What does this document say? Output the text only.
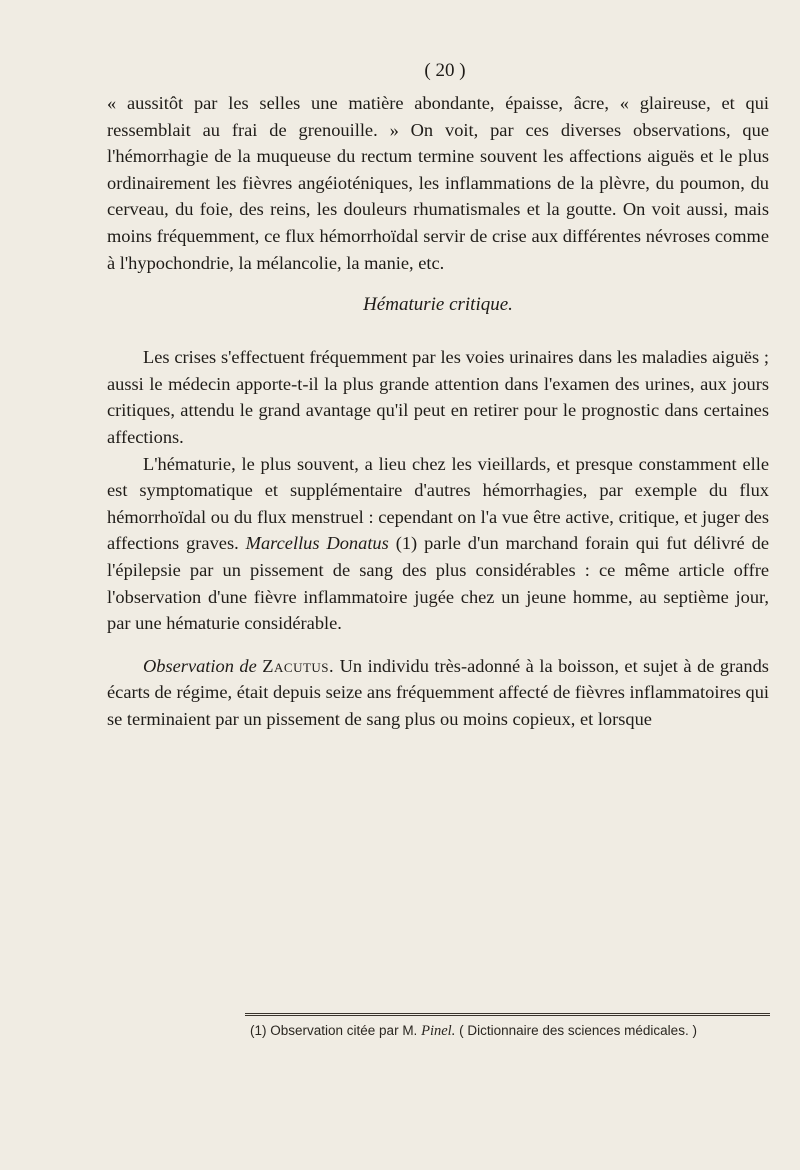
( 20 )

« aussitôt par les selles une matière abondante, épaisse, âcre, « glaireuse, et qui ressemblait au frai de grenouille. » On voit, par ces diverses observations, que l'hémorrhagie de la muqueuse du rectum termine souvent les affections aiguës et le plus ordinairement les fièvres angéioténiques, les inflammations de la plèvre, du poumon, du cerveau, du foie, des reins, les douleurs rhumatismales et la goutte. On voit aussi, mais moins fréquemment, ce flux hémorrhoïdal servir de crise aux différentes névroses comme à l'hypochondrie, la mélancolie, la manie, etc.

Hématurie critique.

Les crises s'effectuent fréquemment par les voies urinaires dans les maladies aiguës ; aussi le médecin apporte-t-il la plus grande attention dans l'examen des urines, aux jours critiques, attendu le grand avantage qu'il peut en retirer pour le prognostic dans certaines affections.

L'hématurie, le plus souvent, a lieu chez les vieillards, et presque constamment elle est symptomatique et supplémentaire d'autres hémorrhagies, par exemple du flux hémorrhoïdal ou du flux menstruel : cependant on l'a vue être active, critique, et juger des affections graves. Marcellus Donatus (1) parle d'un marchand forain qui fut délivré de l'épilepsie par un pissement de sang des plus considérables : ce même article offre l'observation d'une fièvre inflammatoire jugée chez un jeune homme, au septième jour, par une hématurie considérable.

Observation de Zacutus. Un individu très-adonné à la boisson, et sujet à de grands écarts de régime, était depuis seize ans fréquemment affecté de fièvres inflammatoires qui se terminaient par un pissement de sang plus ou moins copieux, et lorsque

(1) Observation citée par M. Pinel. ( Dictionnaire des sciences médicales. )
